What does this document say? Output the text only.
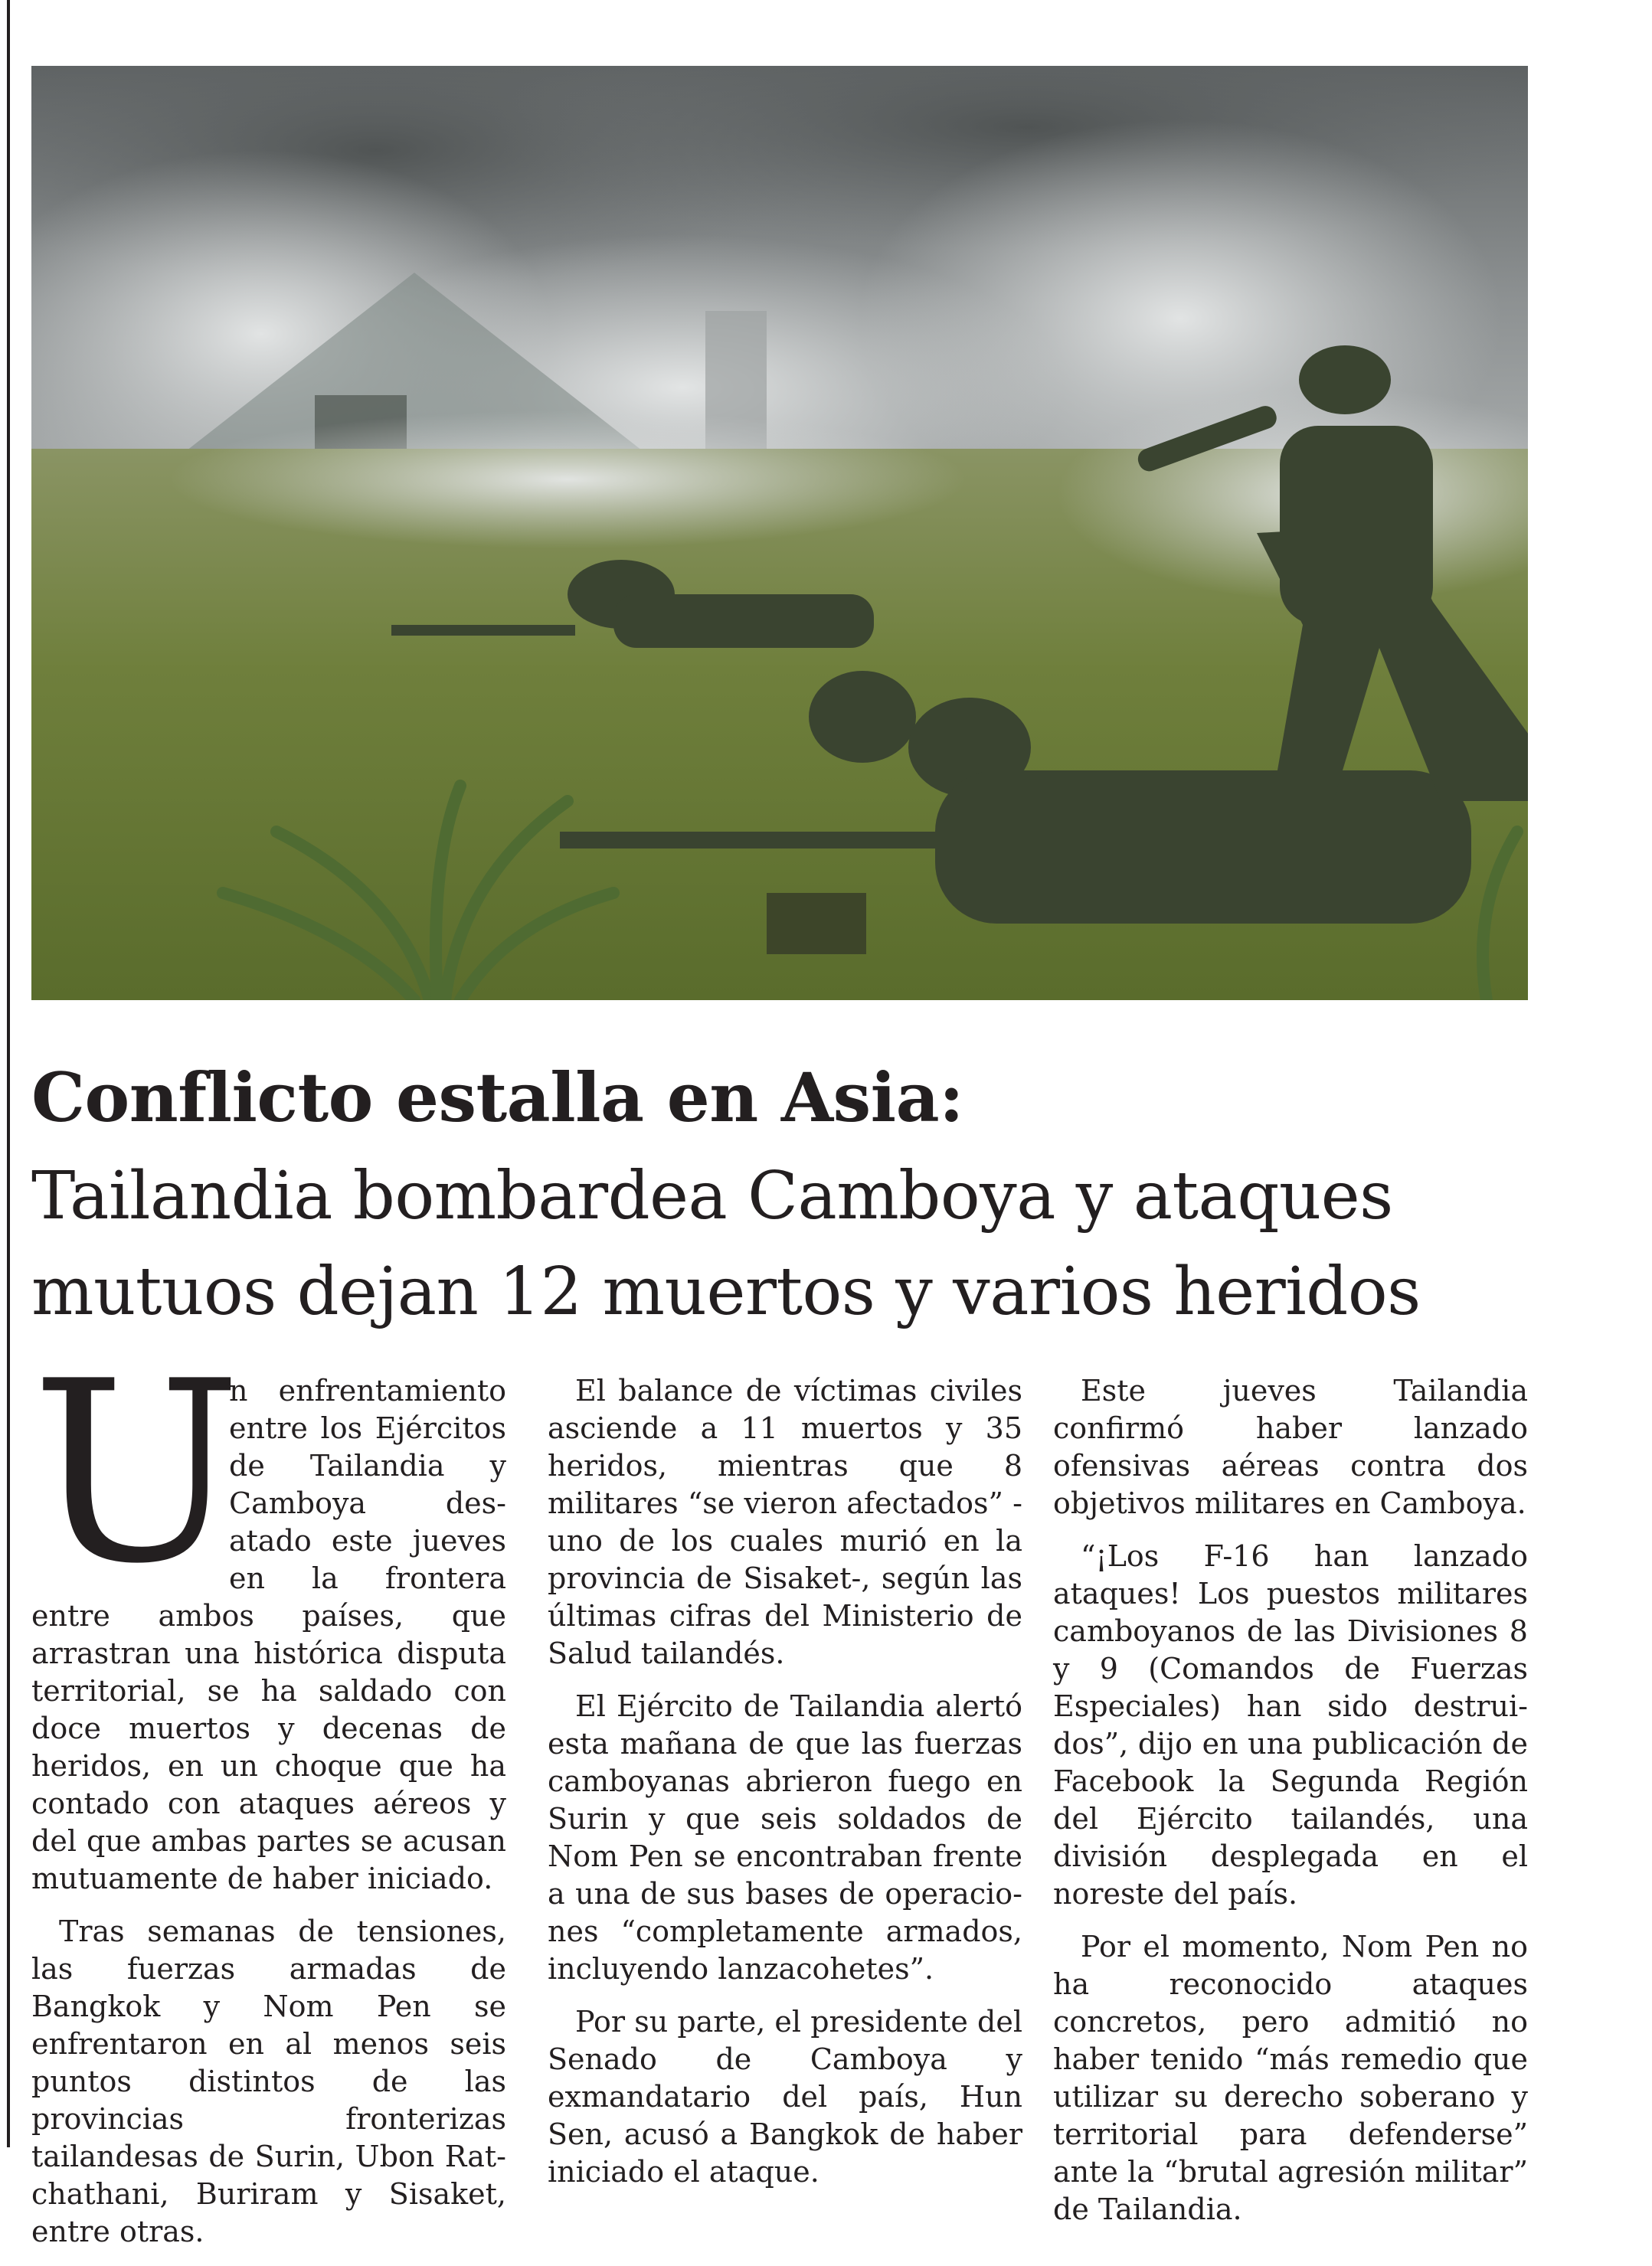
Conflicto estalla en Asia:
Tailandia bombardea Camboya y ataques mutuos dejan 12 muertos y varios heridos

U
n enfrentamiento entre los Ejércitos de Tailandia y Camboya desatado este jueves en la frontera entre ambos países, que arrastran una histórica disputa territorial, se ha saldado con doce muertos y decenas de heridos, en un choque que ha contado con ataques aéreos y del que ambas partes se acusan mutuamente de haber iniciado.

Tras semanas de tensiones, las fuerzas armadas de Bangkok y Nom Pen se enfrentaron en al menos seis puntos distintos de las provincias fronterizas tailandesas de Surin, Ubon Ratchathani, Buriram y Sisaket, entre otras.

El balance de víctimas civiles asciende a 11 muertos y 35 heridos, mientras que 8 militares “se vieron afectados” -uno de los cuales murió en la provincia de Sisaket-, según las últimas cifras del Ministerio de Salud tailandés.

El Ejército de Tailandia alertó esta mañana de que las fuerzas camboyanas abrieron fuego en Surin y que seis soldados de Nom Pen se encontraban frente a una de sus bases de operaciones “completamente armados, incluyendo lanzacohetes”.

Por su parte, el presidente del Senado de Camboya y exmandatario del país, Hun Sen, acusó a Bangkok de haber iniciado el ataque.

Este jueves Tailandia confirmó haber lanzado ofensivas aéreas contra dos objetivos militares en Camboya.

“¡Los F-16 han lanzado ataques! Los puestos militares camboyanos de las Divisiones 8 y 9 (Comandos de Fuerzas Especiales) han sido destruidos”, dijo en una publicación de Facebook la Segunda Región del Ejército tailandés, una división desplegada en el noreste del país.

Por el momento, Nom Pen no ha reconocido ataques concretos, pero admitió no haber tenido “más remedio que utilizar su derecho soberano y territorial para defenderse” ante la “brutal agresión militar” de Tailandia.
